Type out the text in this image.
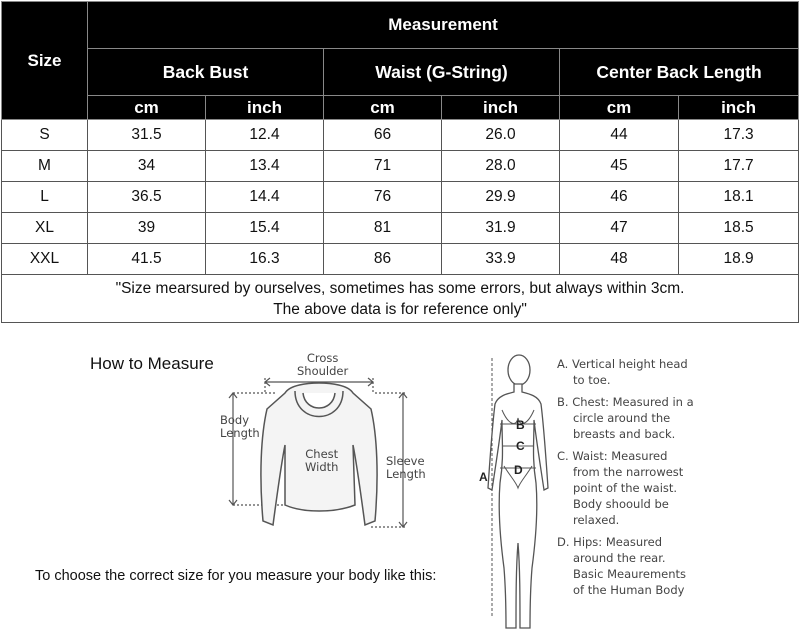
Size	Measurement					
	Back Bust		Waist (G-String)		Center Back Length	
	cm	inch	cm	inch	cm	inch
S	31.5	12.4	66	26.0	44	17.3
M	34	13.4	71	28.0	45	17.7
L	36.5	14.4	76	29.9	46	18.1
XL	39	15.4	81	31.9	47	18.5
XXL	41.5	16.3	86	33.9	48	18.9

"Size mearsured by ourselves, sometimes has some errors, but always within 3cm.
The above data is for reference only"						
How to Measure	Cross
Shoulder
Body
Length
Chest
Width	Sleeve
Length
To choose the correct size for you measure your body like this:
A
B
C
D
A. Vertical height head
to toe.
B. Chest: Measured in a
circle around the
breasts and back.
C. Waist: Measured
from the narrowest
point of the waist.
Body shoould be
relaxed.
D. Hips: Measured
around the rear.
Basic Meaurements
of the Human Body
